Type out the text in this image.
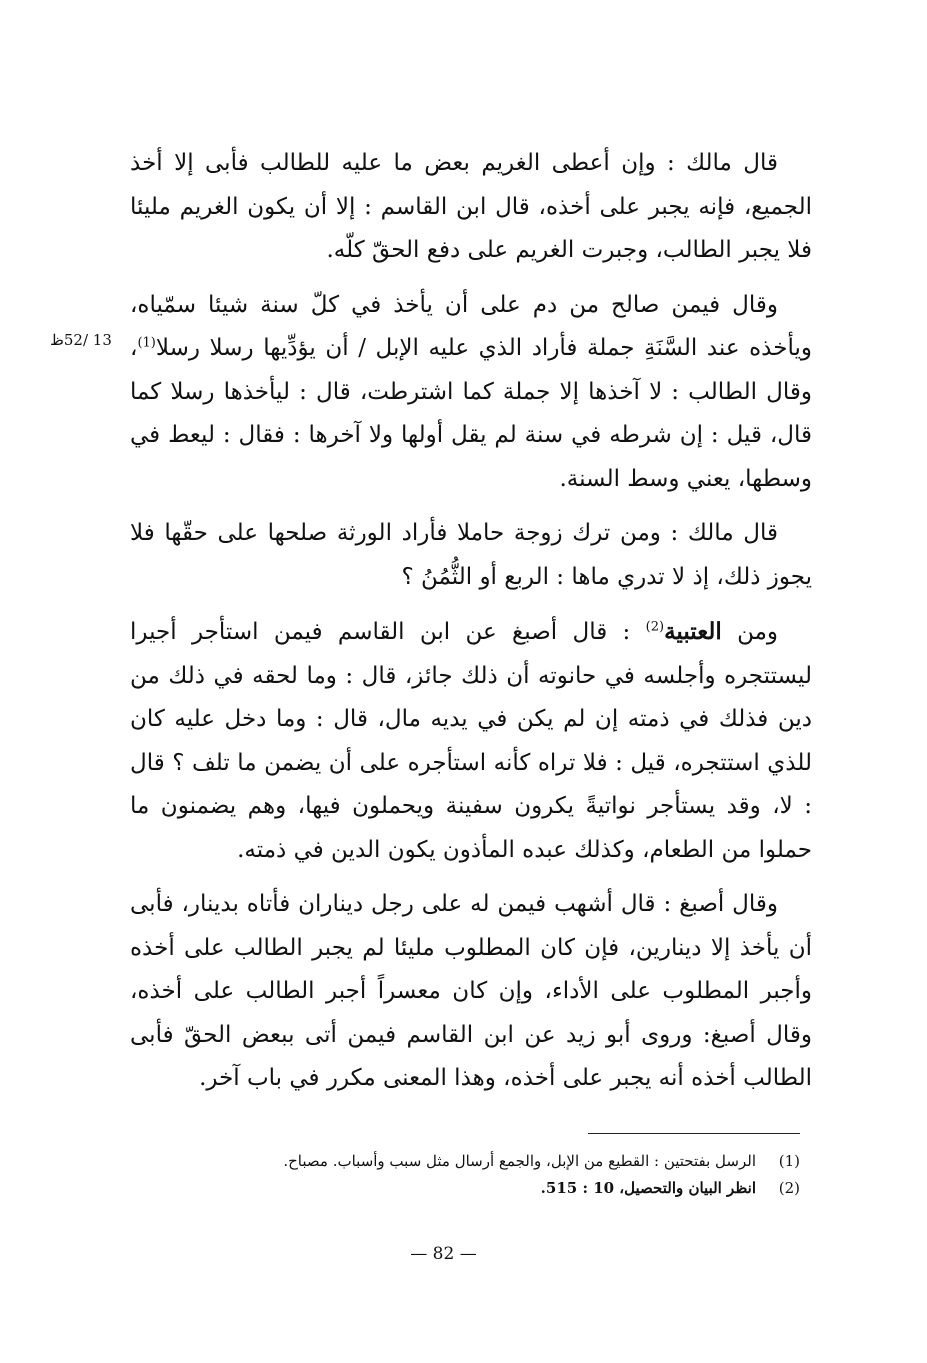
13 /52ظ

قال مالك : وإن أعطى الغريم بعض ما عليه للطالب فأبى إلا أخذ الجميع، فإنه يجبر على أخذه، قال ابن القاسم : إلا أن يكون الغريم مليئا فلا يجبر الطالب، وجبرت الغريم على دفع الحقّ كلّه.

وقال فيمن صالح من دم على أن يأخذ في كلّ سنة شيئا سمّياه، ويأخذه عند السَّنَةِ جملة فأراد الذي عليه الإبل / أن يؤدِّيها رسلا رسلا$^{(1)}$، وقال الطالب : لا آخذها إلا جملة كما اشترطت، قال : ليأخذها رسلا كما قال، قيل : إن شرطه في سنة لم يقل أولها ولا آخرها : فقال : ليعط في وسطها، يعني وسط السنة.

قال مالك : ومن ترك زوجة حاملا فأراد الورثة صلحها على حقّها فلا يجوز ذلك، إذ لا تدري ماها : الربع أو الثُّمُنُ ؟

ومن العتبية$^{(2)}$ : قال أصبغ عن ابن القاسم فيمن استأجر أجيرا ليستتجره وأجلسه في حانوته أن ذلك جائز، قال : وما لحقه في ذلك من دين فذلك في ذمته إن لم يكن في يديه مال، قال : وما دخل عليه كان للذي استتجره، قيل : فلا تراه كأنه استأجره على أن يضمن ما تلف ؟ قال : لا، وقد يستأجر نواتيةً يكرون سفينة ويحملون فيها، وهم يضمنون ما حملوا من الطعام، وكذلك عبده المأذون يكون الدين في ذمته.

وقال أصبغ : قال أشهب فيمن له على رجل ديناران فأتاه بدينار، فأبى أن يأخذ إلا دينارين، فإن كان المطلوب مليئا لم يجبر الطالب على أخذه وأجبر المطلوب على الأداء، وإن كان معسراً أجبر الطالب على أخذه، وقال أصبغ: وروى أبو زيد عن ابن القاسم فيمن أتى ببعض الحقّ فأبى الطالب أخذه أنه يجبر على أخذه، وهذا المعنى مكرر في باب آخر.

(1)الرسل بفتحتين : القطيع من الإبل، والجمع أرسال مثل سبب وأسباب. مصباح.
(2)انظر البيان والتحصيل، 10 : 515.
— 82 —
